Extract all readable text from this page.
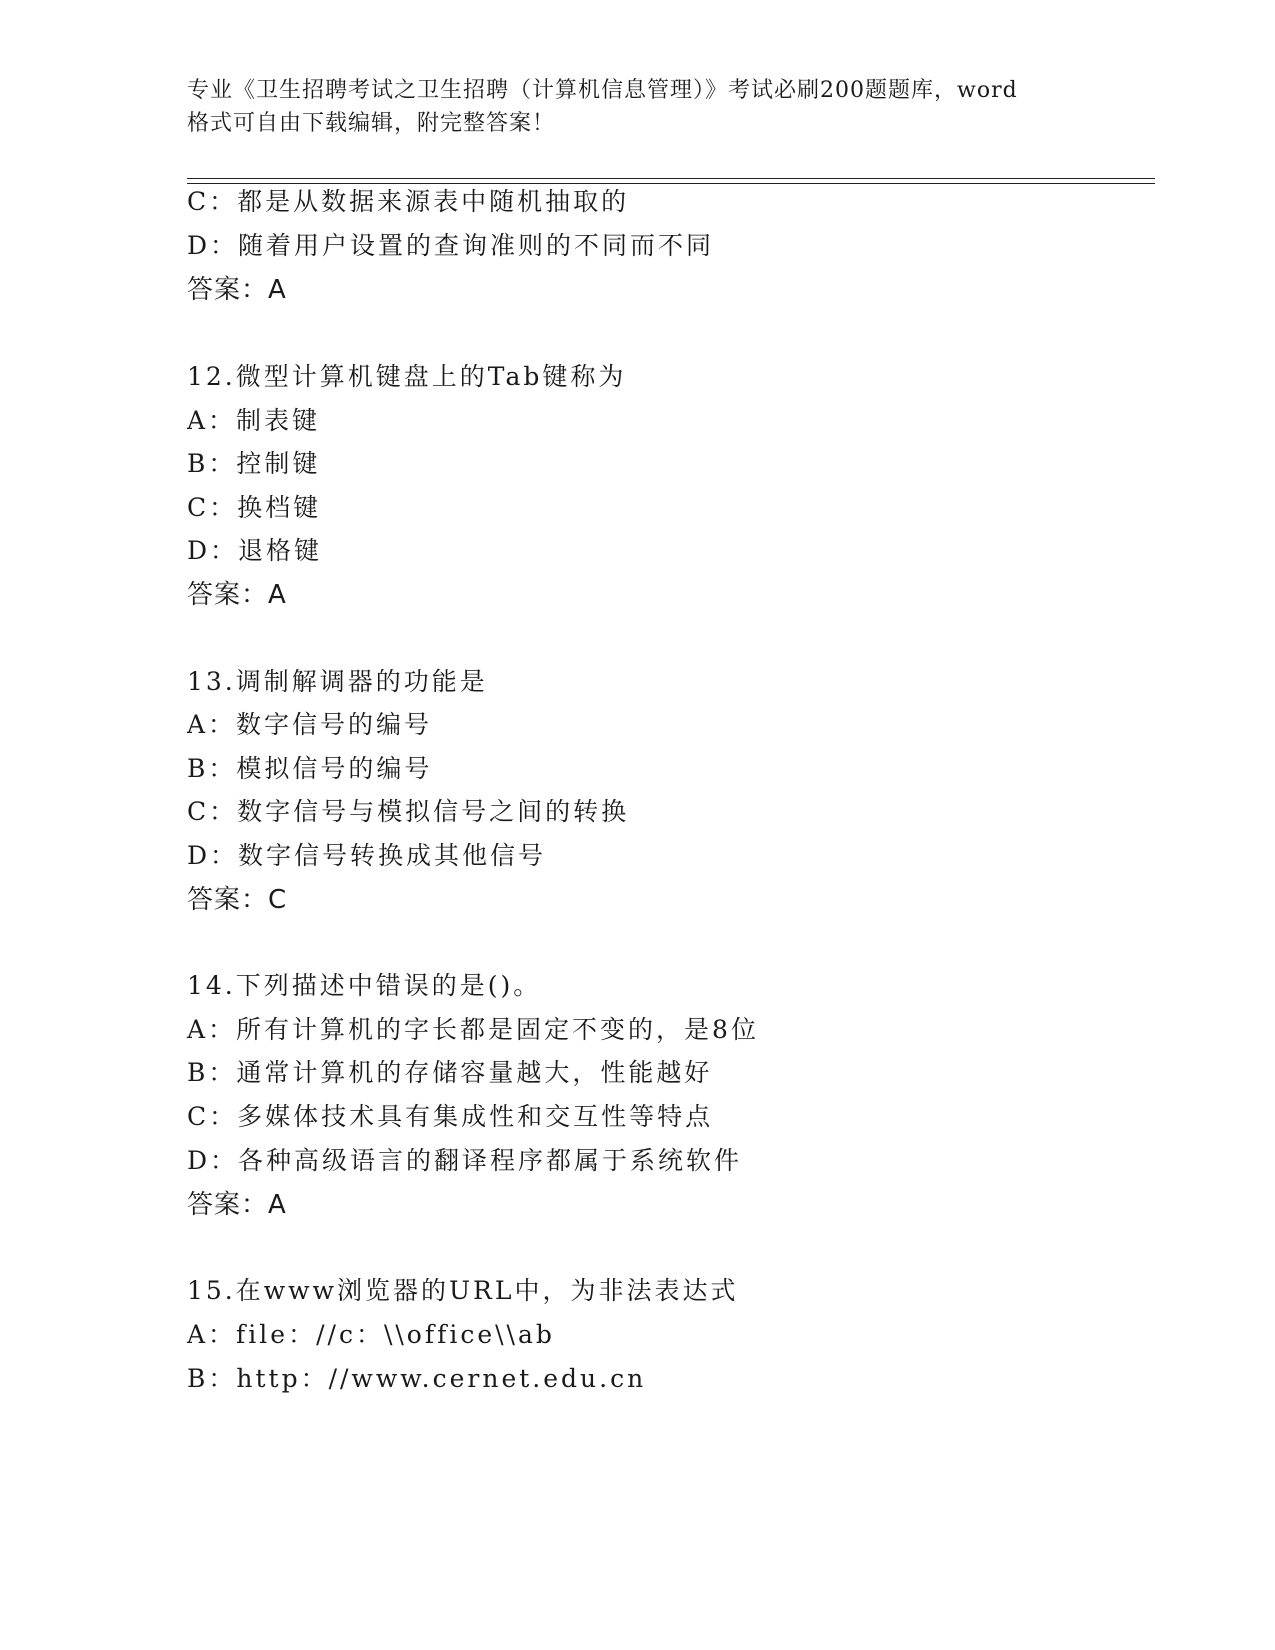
专业《卫生招聘考试之卫生招聘（计算机信息管理）》考试必刷200题题库，word
格式可自由下载编辑，附完整答案！
C：都是从数据来源表中随机抽取的
D：随着用户设置的查询准则的不同而不同
答案：A
12.微型计算机键盘上的Tab键称为
A：制表键
B：控制键
C：换档键
D：退格键
答案：A
13.调制解调器的功能是
A：数字信号的编号
B：模拟信号的编号
C：数字信号与模拟信号之间的转换
D：数字信号转换成其他信号
答案：C
14.下列描述中错误的是()。
A：所有计算机的字长都是固定不变的，是8位
B：通常计算机的存储容量越大，性能越好
C：多媒体技术具有集成性和交互性等特点
D：各种高级语言的翻译程序都属于系统软件
答案：A
15.在www浏览器的URL中，为非法表达式
A：file：//c：\\office\\ab
B：http：//www.cernet.edu.cn
